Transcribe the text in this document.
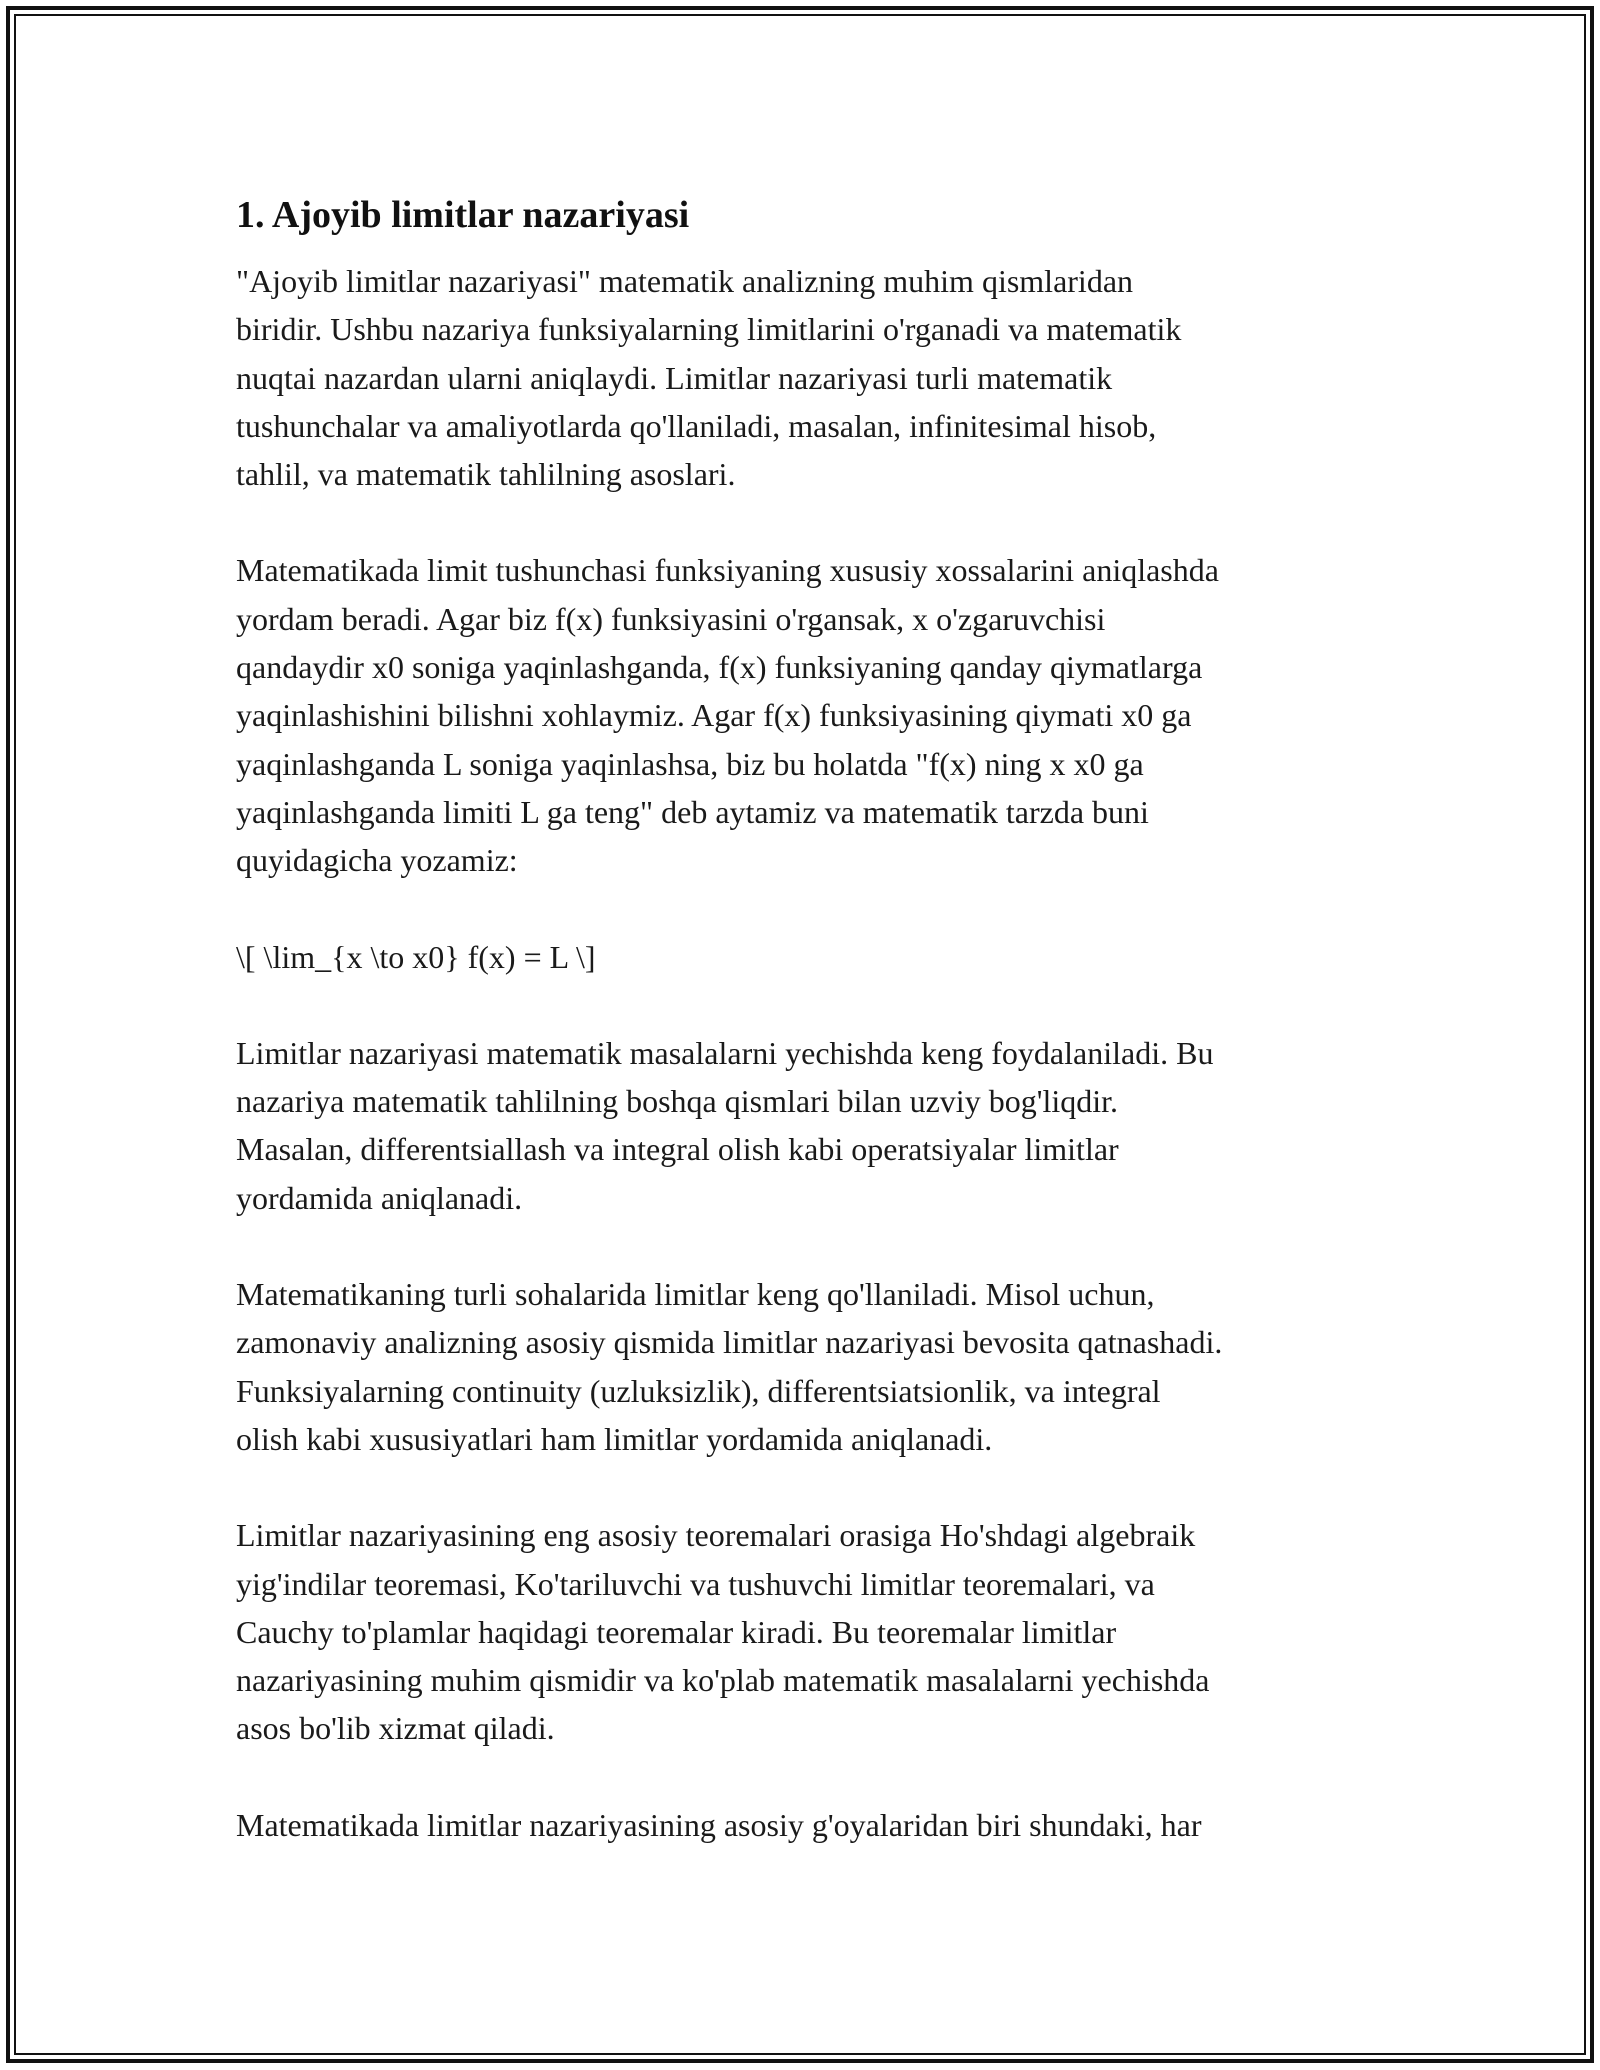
1. Ajoyib limitlar nazariyasi

"Ajoyib limitlar nazariyasi" matematik analizning muhim qismlaridan
biridir. Ushbu nazariya funksiyalarning limitlarini o'rganadi va matematik
nuqtai nazardan ularni aniqlaydi. Limitlar nazariyasi turli matematik
tushunchalar va amaliyotlarda qo'llaniladi, masalan, infinitesimal hisob,
tahlil, va matematik tahlilning asoslari.

Matematikada limit tushunchasi funksiyaning xususiy xossalarini aniqlashda
yordam beradi. Agar biz f(x) funksiyasini o'rgansak, x o'zgaruvchisi
qandaydir x0 soniga yaqinlashganda, f(x) funksiyaning qanday qiymatlarga
yaqinlashishini bilishni xohlaymiz. Agar f(x) funksiyasining qiymati x0 ga
yaqinlashganda L soniga yaqinlashsa, biz bu holatda "f(x) ning x x0 ga
yaqinlashganda limiti L ga teng" deb aytamiz va matematik tarzda buni
quyidagicha yozamiz:

\[ \lim_{x \to x0} f(x) = L \]

Limitlar nazariyasi matematik masalalarni yechishda keng foydalaniladi. Bu
nazariya matematik tahlilning boshqa qismlari bilan uzviy bog'liqdir.
Masalan, differentsiallash va integral olish kabi operatsiyalar limitlar
yordamida aniqlanadi.

Matematikaning turli sohalarida limitlar keng qo'llaniladi. Misol uchun,
zamonaviy analizning asosiy qismida limitlar nazariyasi bevosita qatnashadi.
Funksiyalarning continuity (uzluksizlik), differentsiatsionlik, va integral
olish kabi xususiyatlari ham limitlar yordamida aniqlanadi.

Limitlar nazariyasining eng asosiy teoremalari orasiga Ho'shdagi algebraik
yig'indilar teoremasi, Ko'tariluvchi va tushuvchi limitlar teoremalari, va
Cauchy to'plamlar haqidagi teoremalar kiradi. Bu teoremalar limitlar
nazariyasining muhim qismidir va ko'plab matematik masalalarni yechishda
asos bo'lib xizmat qiladi.

Matematikada limitlar nazariyasining asosiy g'oyalaridan biri shundaki, har
